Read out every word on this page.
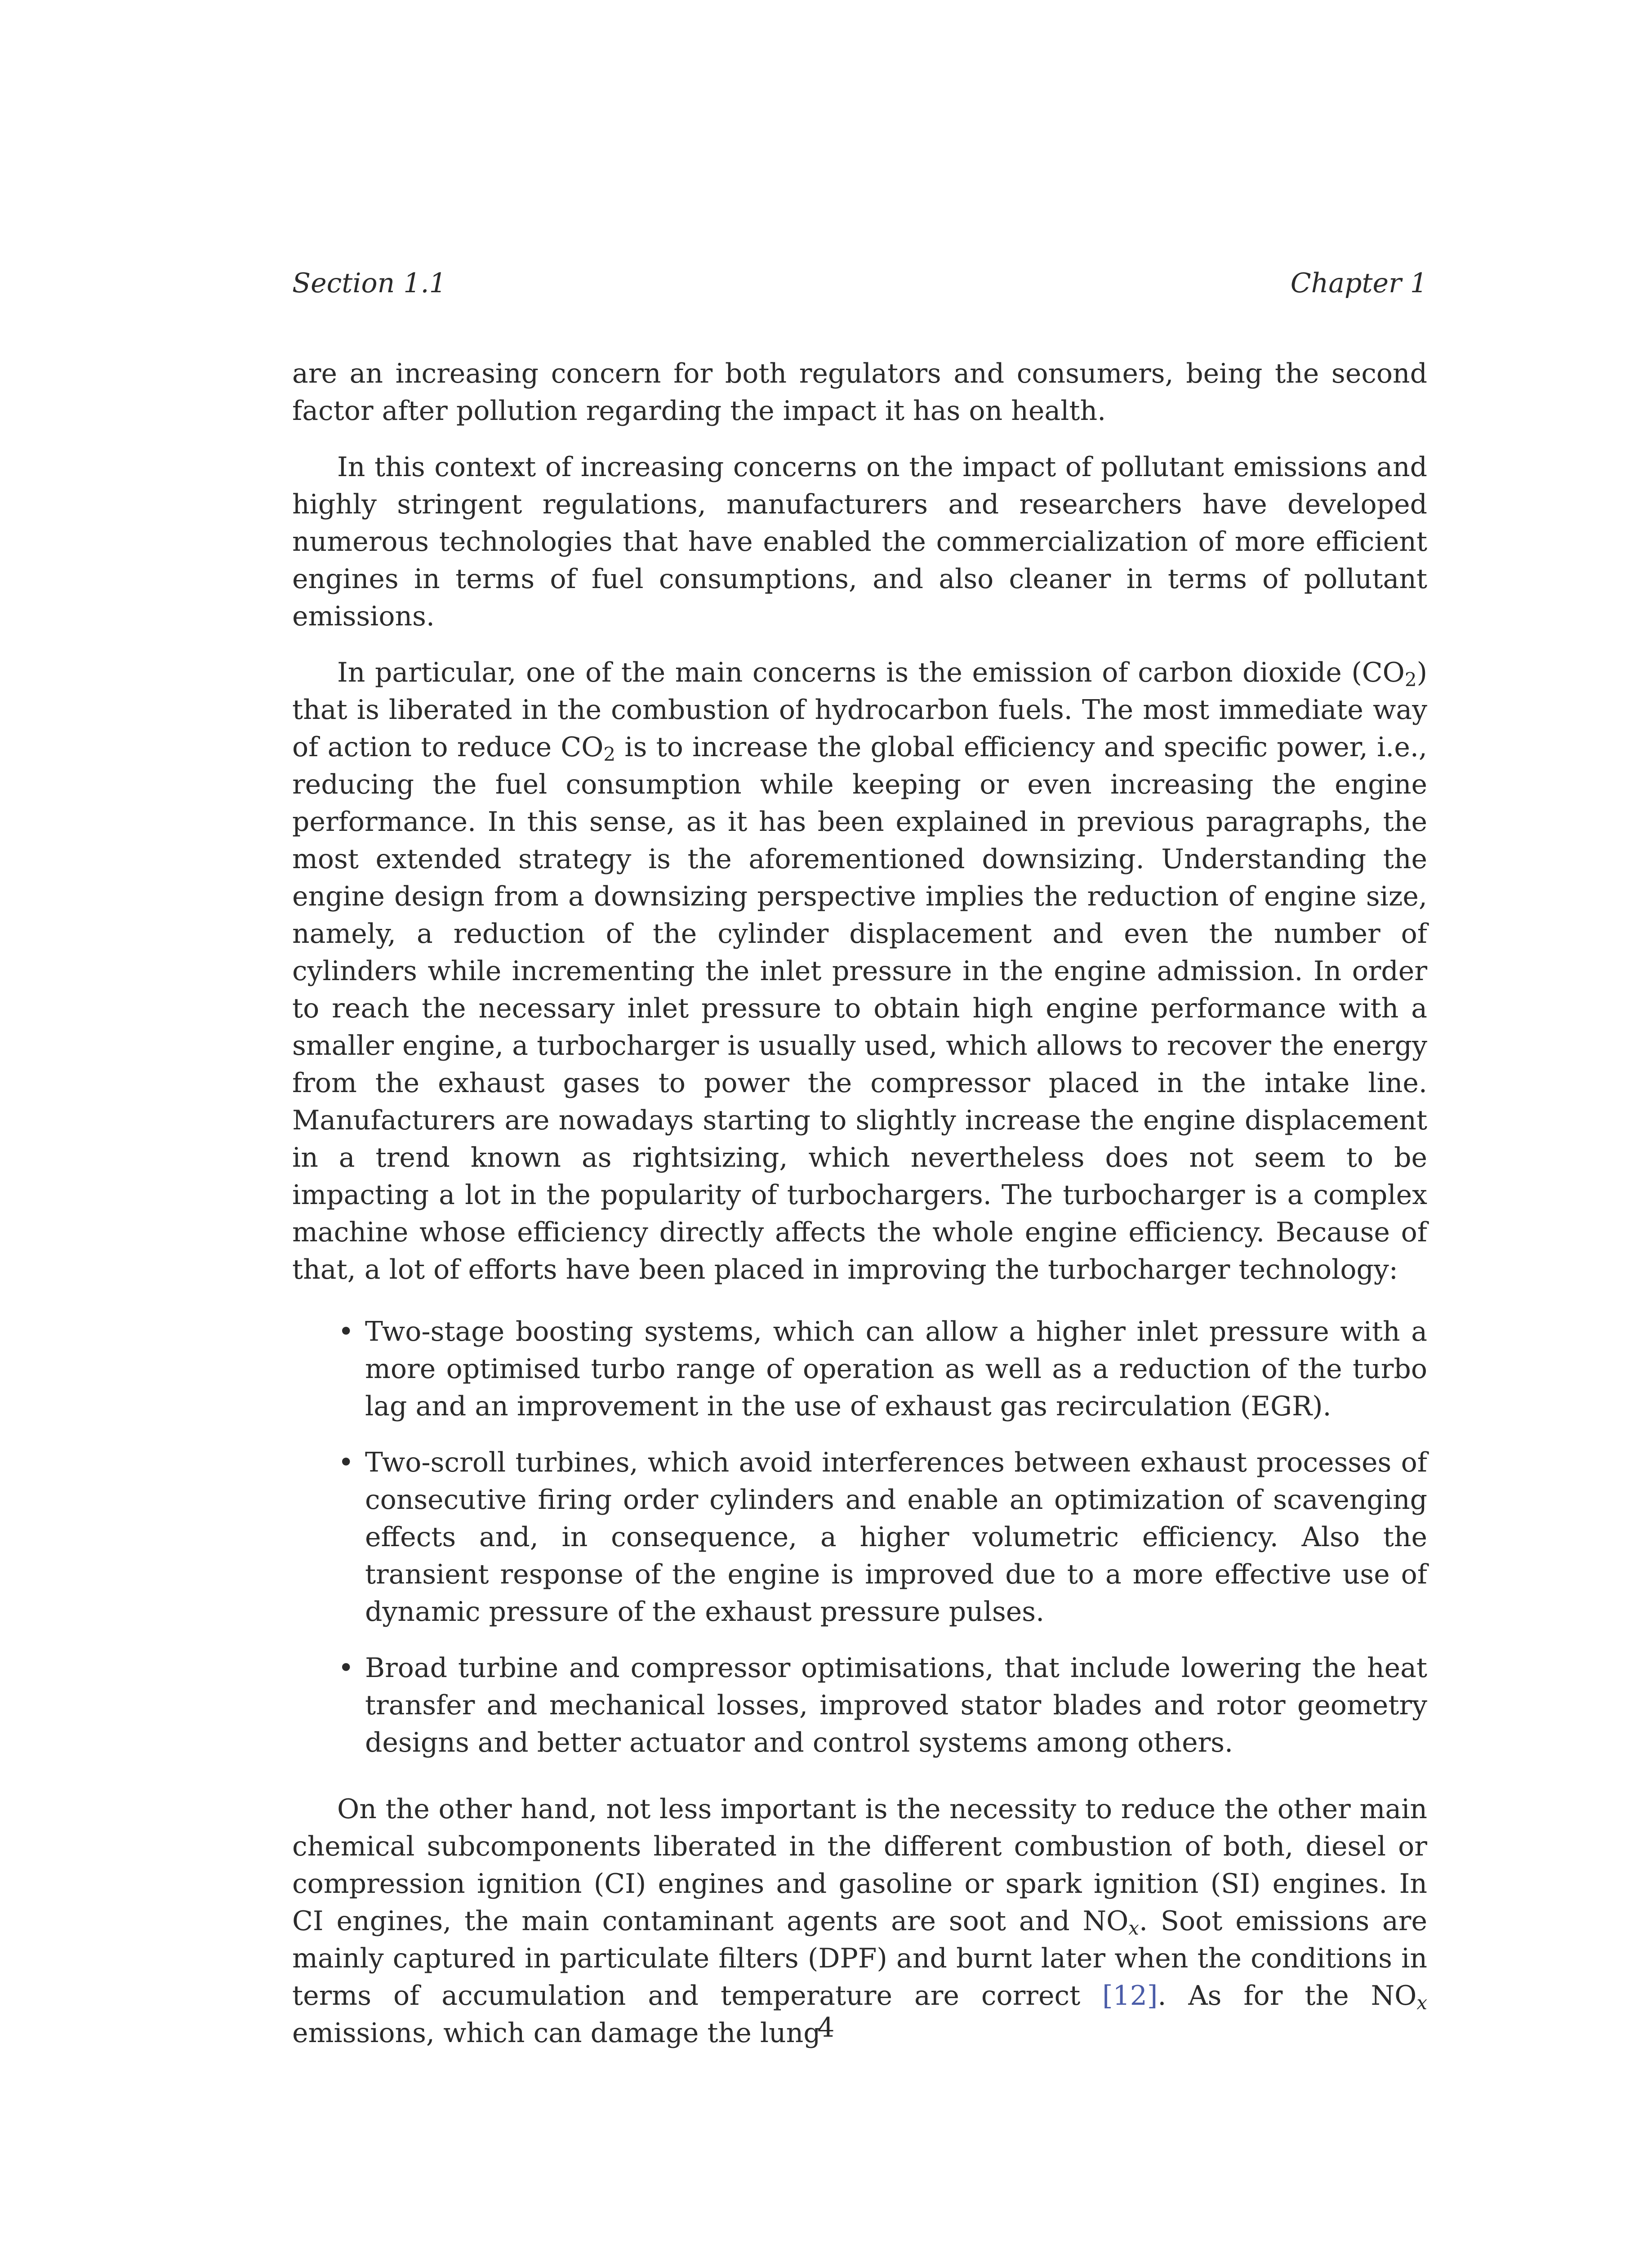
Section 1.1	Chapter 1

are an increasing concern for both regulators and consumers, being the second factor after pollution regarding the impact it has on health.

In this context of increasing concerns on the impact of pollutant emissions and highly stringent regulations, manufacturers and researchers have developed numerous technologies that have enabled the commercialization of more efficient engines in terms of fuel consumptions, and also cleaner in terms of pollutant emissions.

In particular, one of the main concerns is the emission of carbon dioxide $(CO_2)$ that is liberated in the combustion of hydrocarbon fuels. The most immediate way of action to reduce $CO_2$ is to increase the global efficiency and specific power, i.e., reducing the fuel consumption while keeping or even increasing the engine performance. In this sense, as it has been explained in previous paragraphs, the most extended strategy is the aforementioned downsizing. Understanding the engine design from a downsizing perspective implies the reduction of engine size, namely, a reduction of the cylinder displacement and even the number of cylinders while incrementing the inlet pressure in the engine admission. In order to reach the necessary inlet pressure to obtain high engine performance with a smaller engine, a turbocharger is usually used, which allows to recover the energy from the exhaust gases to power the compressor placed in the intake line. Manufacturers are nowadays starting to slightly increase the engine displacement in a trend known as rightsizing, which nevertheless does not seem to be impacting a lot in the popularity of turbochargers. The turbocharger is a complex machine whose efficiency directly affects the whole engine efficiency. Because of that, a lot of efforts have been placed in improving the turbocharger technology:

• Two-stage boosting systems, which can allow a higher inlet pressure with a more optimised turbo range of operation as well as a reduction of the turbo lag and an improvement in the use of exhaust gas recirculation (EGR).
• Two-scroll turbines, which avoid interferences between exhaust processes of consecutive firing order cylinders and enable an optimization of scavenging effects and, in consequence, a higher volumetric efficiency. Also the transient response of the engine is improved due to a more effective use of dynamic pressure of the exhaust pressure pulses.
• Broad turbine and compressor optimisations, that include lowering the heat transfer and mechanical losses, improved stator blades and rotor geometry designs and better actuator and control systems among others.

On the other hand, not less important is the necessity to reduce the other main chemical subcomponents liberated in the different combustion of both, diesel or compression ignition (CI) engines and gasoline or spark ignition (SI) engines. In CI engines, the main contaminant agents are soot and $NO_x$. Soot emissions are mainly captured in particulate filters (DPF) and burnt later when the conditions in terms of accumulation and temperature are correct [12]. As for the $NO_x$ emissions, which can damage the lung

4
